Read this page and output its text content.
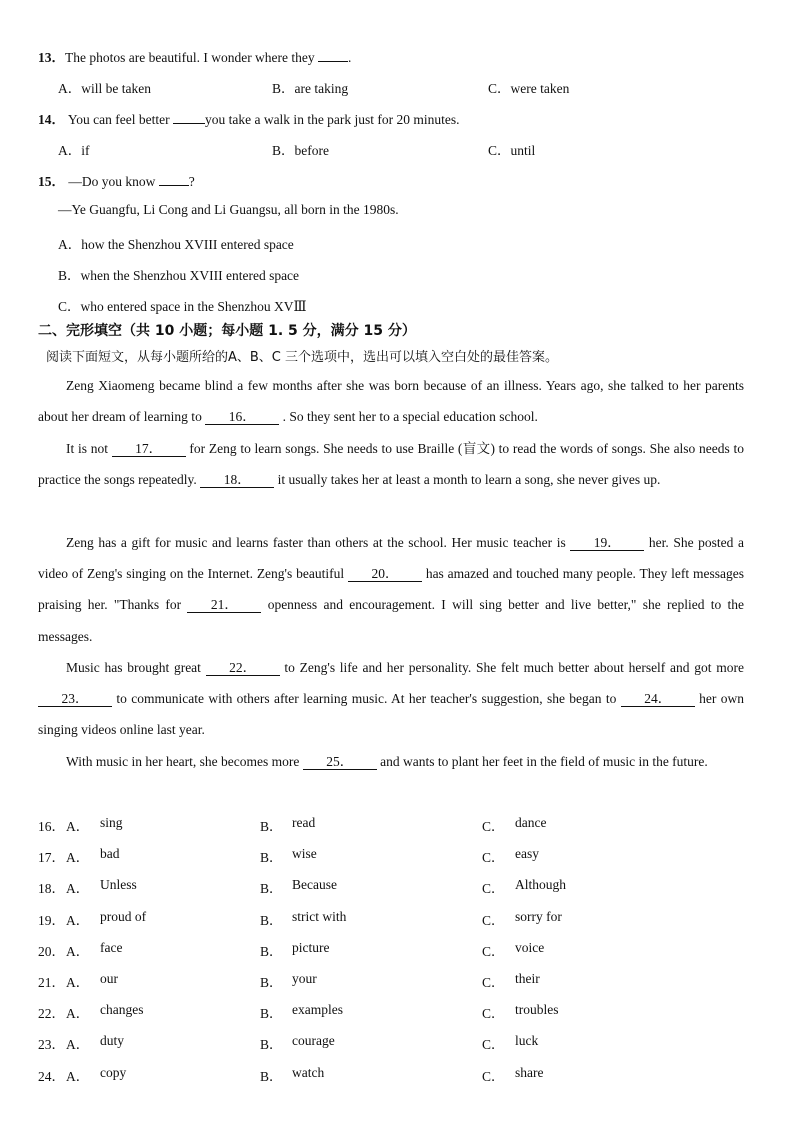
13．The photos are beautiful. I wonder where they .
A．will be taken	B．are taking	C．were taken
14． You can feel better you take a walk in the park just for 20 minutes.
A．if	B．before	C．until
15． —Do you know ?
—Ye Guangfu, Li Cong and Li Guangsu, all born in the 1980s.
A．how the Shenzhou XVIII entered space
B．when the Shenzhou XVIII entered space
C．who entered space in the Shenzhou XVⅢ
二、完形填空（共 10 小题；每小题 1. 5 分，满分 15 分）
阅读下面短文，从每小题所给的A、B、C 三个选项中，选出可以填入空白处的最佳答案。
Zeng Xiaomeng became blind a few months after she was born because of an illness. Years ago, she talked to her parents about her dream of learning to 16． . So they sent her to a special education school.
It is not 17． for Zeng to learn songs. She needs to use Braille (盲文) to read the words of songs. She also needs to practice the songs repeatedly. 18． it usually takes her at least a month to learn a song, she never gives up.
Zeng has a gift for music and learns faster than others at the school. Her music teacher is 19． her. She posted a video of Zeng's singing on the Internet. Zeng's beautiful 20． has amazed and touched many people. They left messages praising her. "Thanks for 21． openness and encouragement. I will sing better and live better," she replied to the messages.
Music has brought great 22． to Zeng's life and her personality. She felt much better about herself and got more 23． to communicate with others after learning music. At her teacher's suggestion, she began to 24． her own singing videos online last year.
With music in her heart, she becomes more 25． and wants to plant her feet in the field of music in the future.
16． A． sing	B． read	C． dance
17． A． bad	B． wise	C． easy
18． A． Unless	B． Because	C． Although
19． A． proud of	B． strict with	C． sorry for
20． A． face	B． picture	C． voice
21． A． our	B． your	C． their
22． A． changes	B． examples	C． troubles
23． A． duty	B． courage	C． luck
24． A． copy	B． watch	C． share
